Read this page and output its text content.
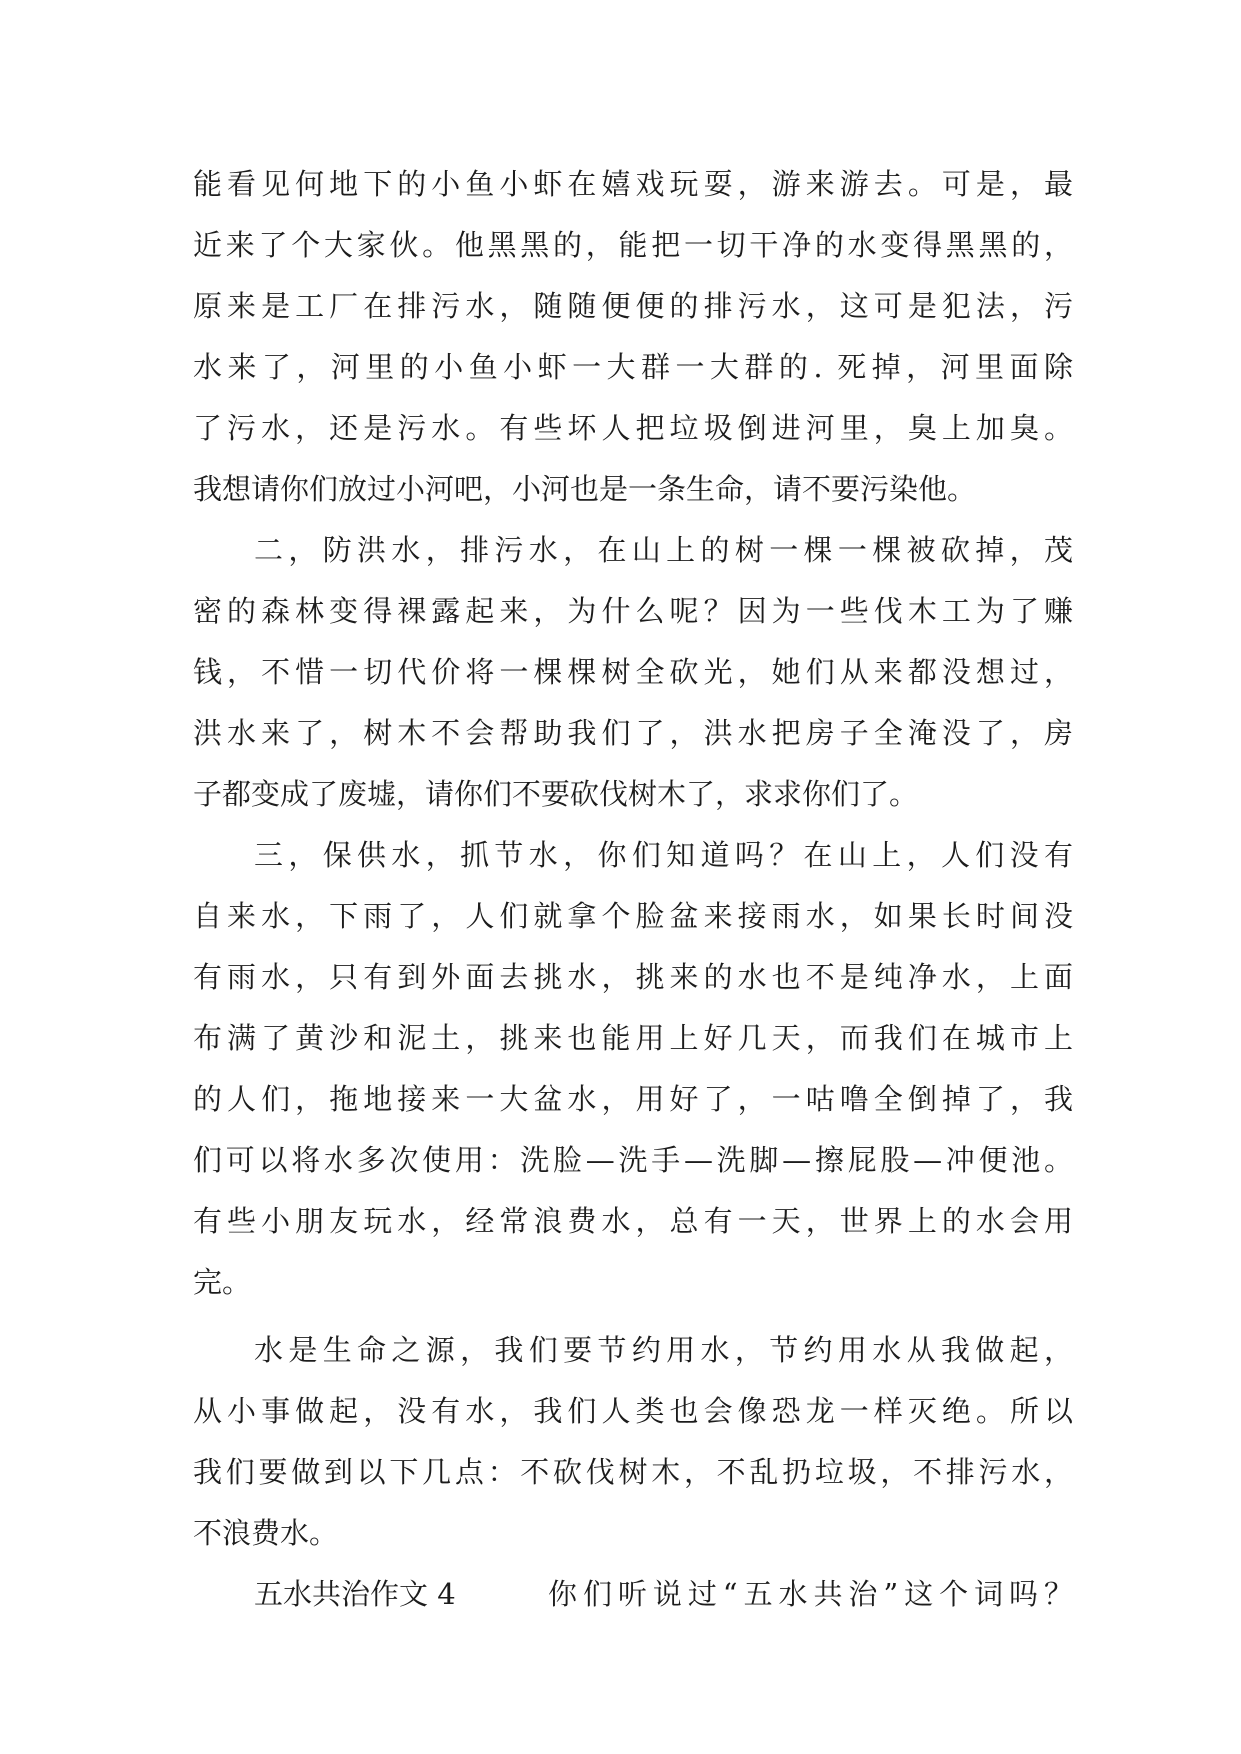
能看见何地下的小鱼小虾在嬉戏玩耍，游来游去。可是，最
近来了个大家伙。他黑黑的，能把一切干净的水变得黑黑的，
原来是工厂在排污水，随随便便的排污水，这可是犯法，污
水来了，河里的小鱼小虾一大群一大群的. 死掉，河里面除
了污水，还是污水。有些坏人把垃圾倒进河里，臭上加臭。
我想请你们放过小河吧，小河也是一条生命，请不要污染他。
二，防洪水，排污水，在山上的树一棵一棵被砍掉，茂
密的森林变得裸露起来，为什么呢？因为一些伐木工为了赚
钱，不惜一切代价将一棵棵树全砍光，她们从来都没想过，
洪水来了，树木不会帮助我们了，洪水把房子全淹没了，房
子都变成了废墟，请你们不要砍伐树木了，求求你们了。
三，保供水，抓节水，你们知道吗？在山上，人们没有
自来水，下雨了，人们就拿个脸盆来接雨水，如果长时间没
有雨水，只有到外面去挑水，挑来的水也不是纯净水，上面
布满了黄沙和泥土，挑来也能用上好几天，而我们在城市上
的人们，拖地接来一大盆水，用好了，一咕噜全倒掉了，我
们可以将水多次使用：洗脸—洗手—洗脚—擦屁股—冲便池。
有些小朋友玩水，经常浪费水，总有一天，世界上的水会用
完。
水是生命之源，我们要节约用水，节约用水从我做起，
从小事做起，没有水，我们人类也会像恐龙一样灭绝。所以
我们要做到以下几点：不砍伐树木，不乱扔垃圾，不排污水，
不浪费水。
五水共治作文 4	你们听说过“五水共治”这个词吗？
